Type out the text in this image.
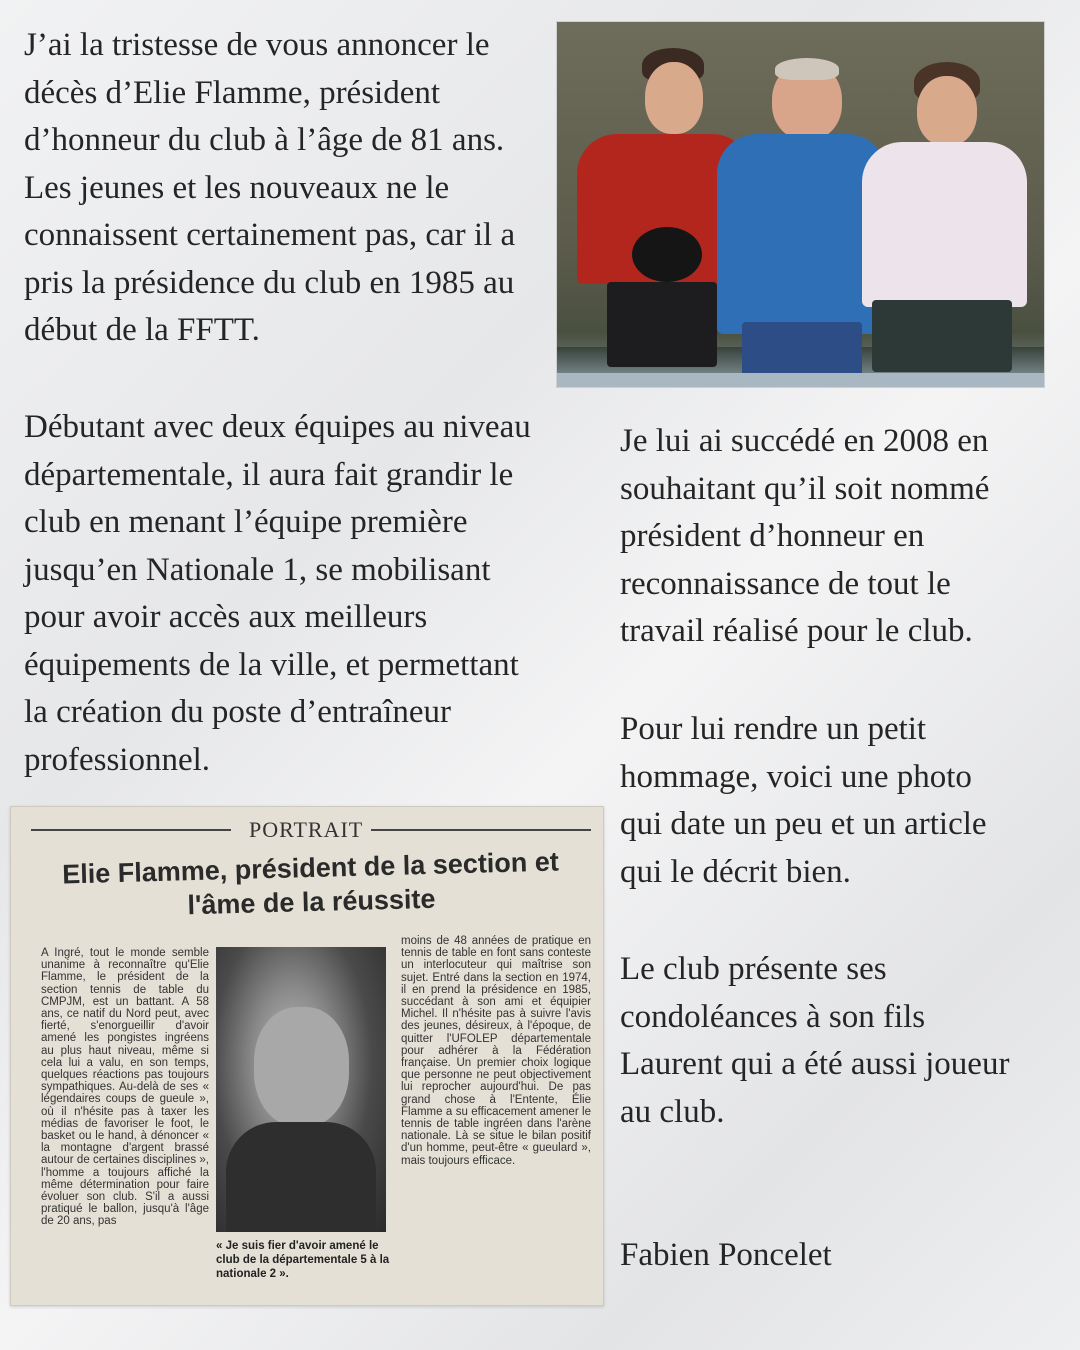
J’ai la tristesse de vous annoncer le
décès d’Elie Flamme, président
d’honneur du club à l’âge de 81 ans.
Les jeunes et les nouveaux ne le
connaissent certainement pas, car il a
pris la présidence du club en 1985 au
début de la FFTT.
Débutant avec deux équipes au niveau
départementale, il aura fait grandir le
club en menant l’équipe première
jusqu’en Nationale 1, se mobilisant
pour avoir accès aux meilleurs
équipements de la ville, et permettant
la création du poste d’entraîneur
professionnel.
Je lui ai succédé en 2008 en
souhaitant qu’il soit nommé
président d’honneur en
reconnaissance de tout le
travail réalisé pour le club.
Pour lui rendre un petit
hommage, voici une photo
qui date un peu et un article
qui le décrit bien.
Le club présente ses
condoléances à son fils
Laurent qui a été aussi joueur
au club.
Fabien Poncelet
PORTRAIT
Elie Flamme, président de la section et l'âme de la réussite
A Ingré, tout le monde semble unanime à reconnaître qu'Elie Flamme, le président de la section tennis de table du CMPJM, est un battant. A 58 ans, ce natif du Nord peut, avec fierté, s'enorgueillir d'avoir amené les pongistes ingréens au plus haut niveau, même si cela lui a valu, en son temps, quelques réactions pas toujours sympathiques. Au-delà de ses « légendaires coups de gueule », où il n'hésite pas à taxer les médias de favoriser le foot, le basket ou le hand, à dénoncer « la montagne d'argent brassé autour de certaines disciplines », l'homme a toujours affiché la même détermination pour faire évoluer son club. S'il a aussi pratiqué le ballon, jusqu'à l'âge de 20 ans, pas
« Je suis fier d'avoir amené le club de la départementale 5 à la nationale 2 ».
moins de 48 années de pratique en tennis de table en font sans conteste un interlocuteur qui maîtrise son sujet. Entré dans la section en 1974, il en prend la présidence en 1985, succédant à son ami et équipier Michel. Il n'hésite pas à suivre l'avis des jeunes, désireux, à l'époque, de quitter l'UFOLEP départementale pour adhérer à la Fédération française. Un premier choix logique que personne ne peut objectivement lui reprocher aujourd'hui. De pas grand chose à l'Entente, Élie Flamme a su efficacement amener le tennis de table ingréen dans l'arène nationale. Là se situe le bilan positif d'un homme, peut-être « gueulard », mais toujours efficace.
